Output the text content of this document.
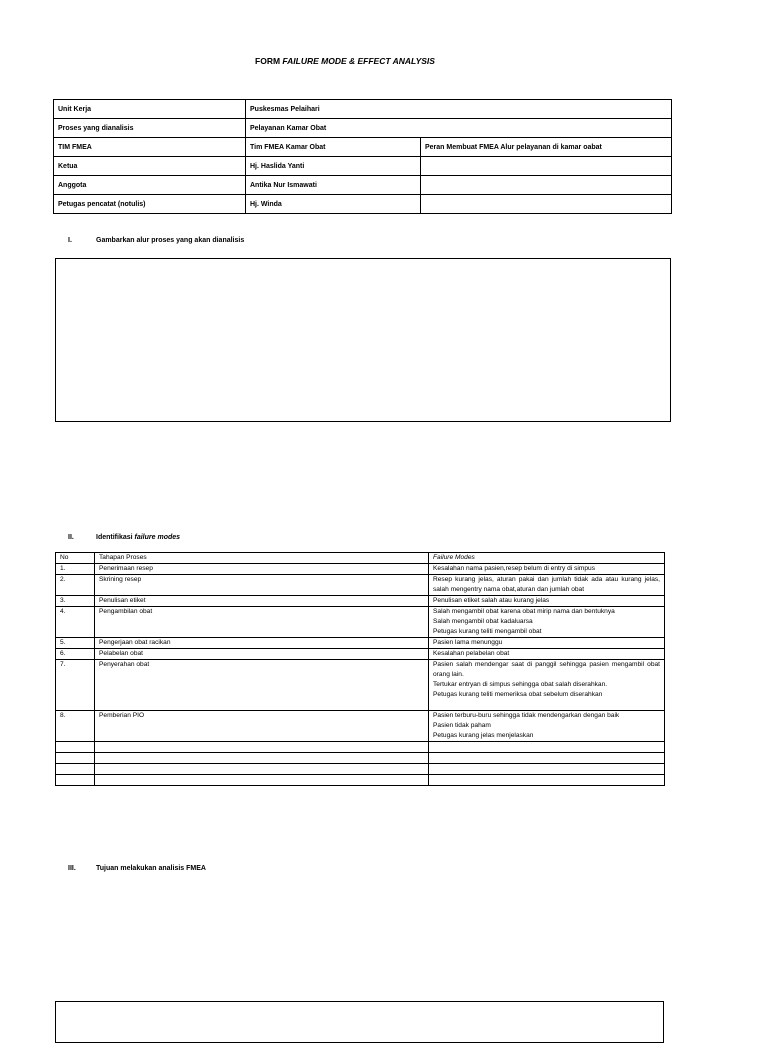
FORM FAILURE MODE & EFFECT ANALYSIS
Unit Kerja	Puskesmas Pelaihari	
Proses yang dianalisis	Pelayanan Kamar Obat	
TIM FMEA	Tim FMEA Kamar Obat	Peran Membuat FMEA Alur pelayanan di kamar oabat
Ketua	Hj. Haslida Yanti	
Anggota	Antika Nur Ismawati	
Petugas pencatat (notulis)	Hj. Winda	
I.	Gambarkan alur proses yang akan dianalisis
II.	Identifikasi failure modes
No	Tahapan Proses	Failure Modes
1.	Penerimaan resep	Kesalahan nama pasien,resep belum di entry di simpus

2.	Skrining resep	Resep kurang jelas, aturan pakai dan jumlah tidak ada atau kurang jelas, salah mengentry nama obat,aturan dan jumlah obat

3.	Penulisan etiket	Penulisan etiket salah atau kurang jelas

4.	Pengambilan obat	Salah mengambil obat karena obat mirip nama dan bentuknya
Salah mengambil obat kadaluarsa
Petugas kurang teliti mengambil obat

5.	Pengerjaan obat racikan	Pasien lama menunggu

6.	Pelabelan obat	Kesalahan pelabelan obat

7.	Penyerahan obat	Pasien salah mendengar saat di panggil sehingga pasien mengambil obat orang lain.
Tertukar entryan di simpus sehingga obat salah diserahkan.
Petugas kurang teliti memeriksa obat sebelum diserahkan

8.	Pemberian PIO	Pasien terburu-buru sehingga tidak mendengarkan dengan baik
Pasien tidak paham
Petugas kurang jelas menjelaskan

III.	Tujuan melakukan analisis FMEA
